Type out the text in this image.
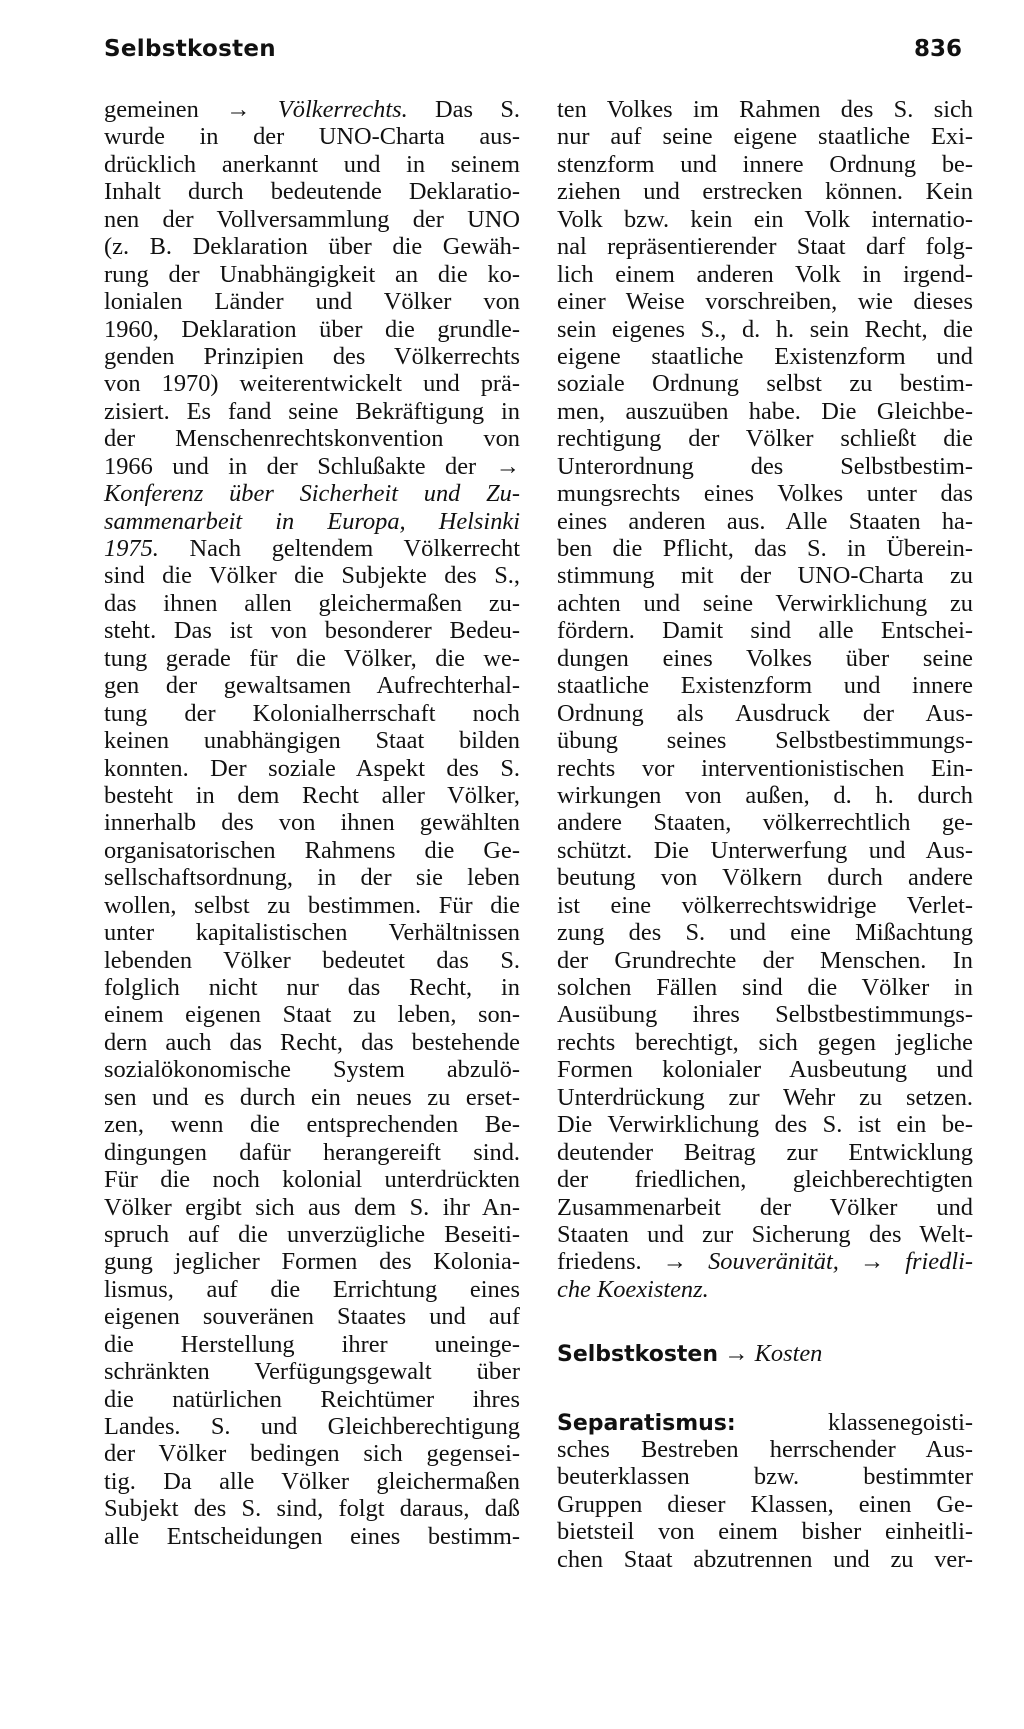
Selbstkosten	836
gemeinen → Völkerrechts. Das S.
wurde in der UNO-Charta aus-
drücklich anerkannt und in seinem
Inhalt durch bedeutende Deklaratio-
nen der Vollversammlung der UNO
(z. B. Deklaration über die Gewäh-
rung der Unabhängigkeit an die ko-
lonialen Länder und Völker von
1960, Deklaration über die grundle-
genden Prinzipien des Völkerrechts
von 1970) weiterentwickelt und prä-
zisiert. Es fand seine Bekräftigung in
der Menschenrechtskonvention von
1966 und in der Schlußakte der →
Konferenz über Sicherheit und Zu-
sammenarbeit in Europa, Helsinki
1975. Nach geltendem Völkerrecht
sind die Völker die Subjekte des S.,
das ihnen allen gleichermaßen zu-
steht. Das ist von besonderer Bedeu-
tung gerade für die Völker, die we-
gen der gewaltsamen Aufrechterhal-
tung der Kolonialherrschaft noch
keinen unabhängigen Staat bilden
konnten. Der soziale Aspekt des S.
besteht in dem Recht aller Völker,
innerhalb des von ihnen gewählten
organisatorischen Rahmens die Ge-
sellschaftsordnung, in der sie leben
wollen, selbst zu bestimmen. Für die
unter kapitalistischen Verhältnissen
lebenden Völker bedeutet das S.
folglich nicht nur das Recht, in
einem eigenen Staat zu leben, son-
dern auch das Recht, das bestehende
sozialökonomische System abzulö-
sen und es durch ein neues zu erset-
zen, wenn die entsprechenden Be-
dingungen dafür herangereift sind.
Für die noch kolonial unterdrückten
Völker ergibt sich aus dem S. ihr An-
spruch auf die unverzügliche Beseiti-
gung jeglicher Formen des Kolonia-
lismus, auf die Errichtung eines
eigenen souveränen Staates und auf
die Herstellung ihrer uneinge-
schränkten Verfügungsgewalt über
die natürlichen Reichtümer ihres
Landes. S. und Gleichberechtigung
der Völker bedingen sich gegensei-
tig. Da alle Völker gleichermaßen
Subjekt des S. sind, folgt daraus, daß
alle Entscheidungen eines bestimm-
ten Volkes im Rahmen des S. sich
nur auf seine eigene staatliche Exi-
stenzform und innere Ordnung be-
ziehen und erstrecken können. Kein
Volk bzw. kein ein Volk internatio-
nal repräsentierender Staat darf folg-
lich einem anderen Volk in irgend-
einer Weise vorschreiben, wie dieses
sein eigenes S., d. h. sein Recht, die
eigene staatliche Existenzform und
soziale Ordnung selbst zu bestim-
men, auszuüben habe. Die Gleichbe-
rechtigung der Völker schließt die
Unterordnung des Selbstbestim-
mungsrechts eines Volkes unter das
eines anderen aus. Alle Staaten ha-
ben die Pflicht, das S. in Überein-
stimmung mit der UNO-Charta zu
achten und seine Verwirklichung zu
fördern. Damit sind alle Entschei-
dungen eines Volkes über seine
staatliche Existenzform und innere
Ordnung als Ausdruck der Aus-
übung seines Selbstbestimmungs-
rechts vor interventionistischen Ein-
wirkungen von außen, d. h. durch
andere Staaten, völkerrechtlich ge-
schützt. Die Unterwerfung und Aus-
beutung von Völkern durch andere
ist eine völkerrechtswidrige Verlet-
zung des S. und eine Mißachtung
der Grundrechte der Menschen. In
solchen Fällen sind die Völker in
Ausübung ihres Selbstbestimmungs-
rechts berechtigt, sich gegen jegliche
Formen kolonialer Ausbeutung und
Unterdrückung zur Wehr zu setzen.
Die Verwirklichung des S. ist ein be-
deutender Beitrag zur Entwicklung
der friedlichen, gleichberechtigten
Zusammenarbeit der Völker und
Staaten und zur Sicherung des Welt-
friedens. → Souveränität, → friedli-
che Koexistenz.
Selbstkosten → Kosten
Separatismus:	klassenegoisti-
sches Bestreben herrschender Aus-
beuterklassen bzw. bestimmter
Gruppen dieser Klassen, einen Ge-
bietsteil von einem bisher einheitli-
chen Staat abzutrennen und zu ver-
